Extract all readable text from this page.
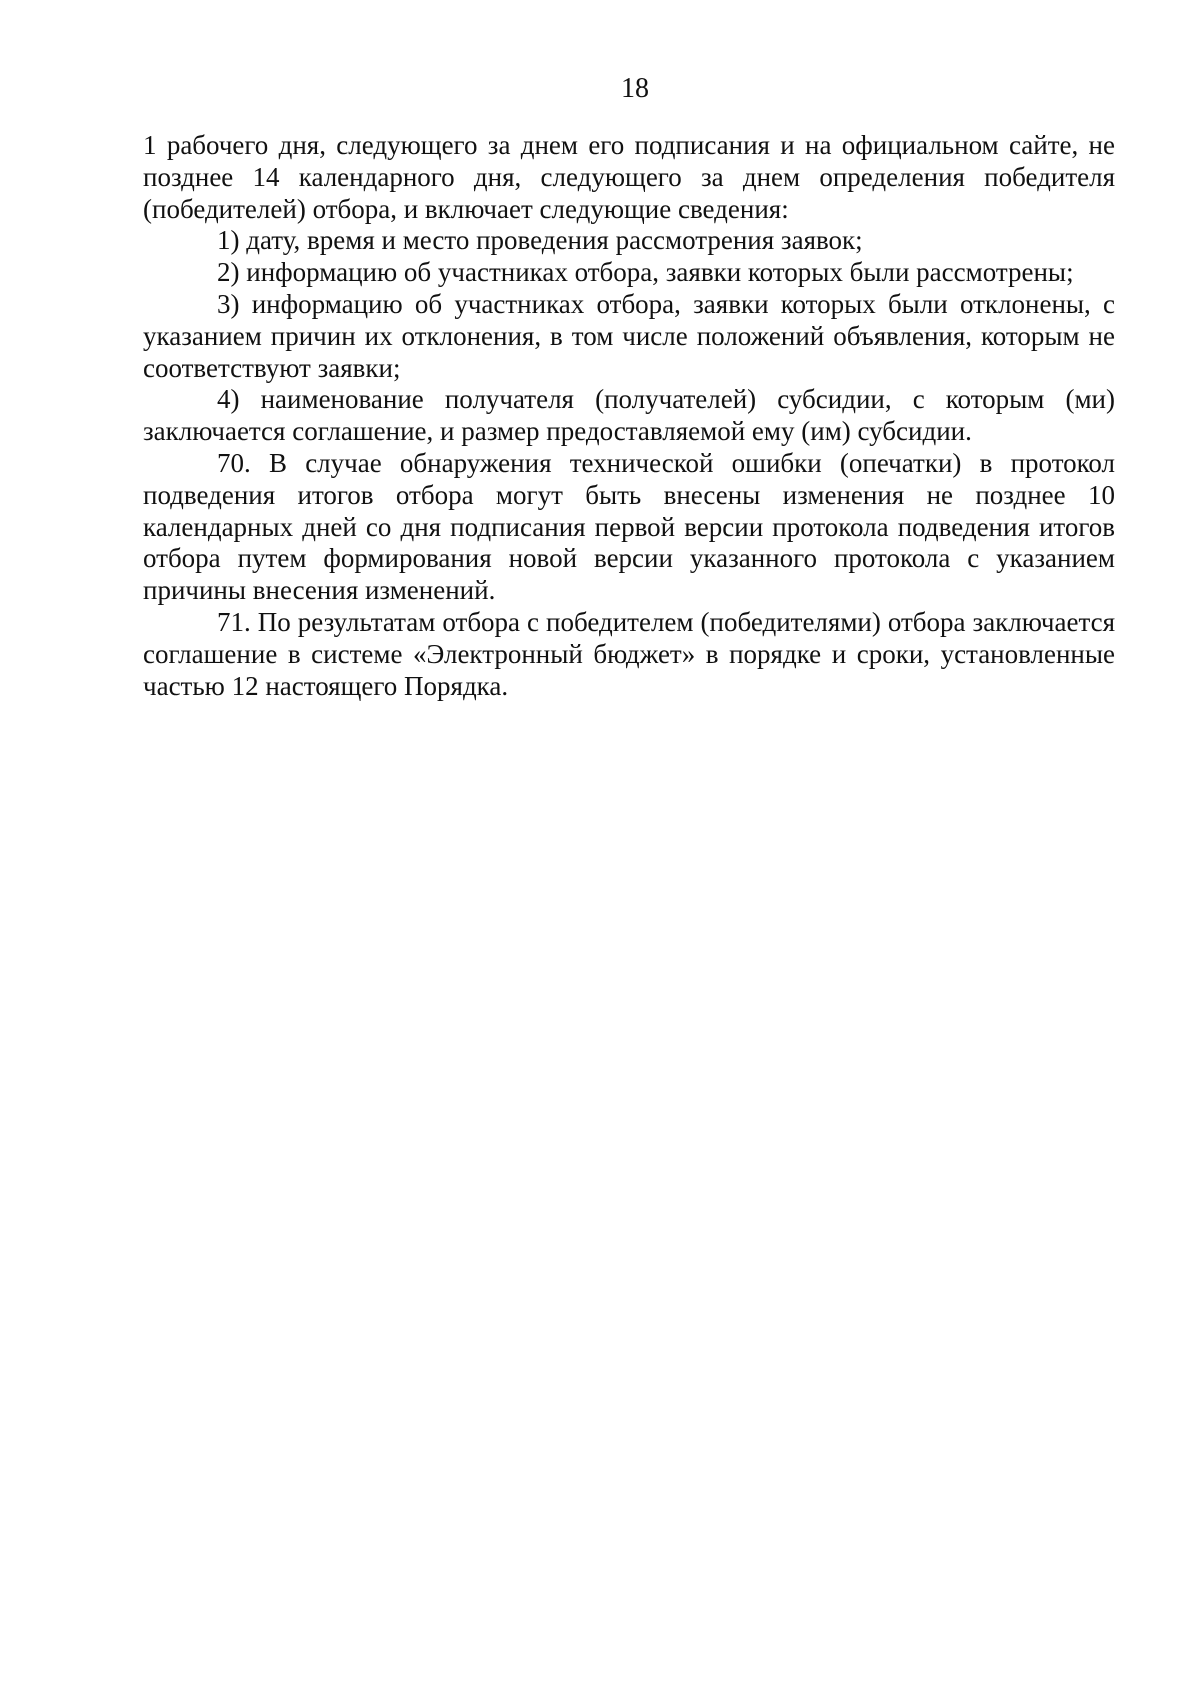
18

1 рабочего дня, следующего за днем его подписания и на официальном сайте, не позднее 14 календарного дня, следующего за днем определения победителя (победителей) отбора, и включает следующие сведения:

1) дату, время и место проведения рассмотрения заявок;

2) информацию об участниках отбора, заявки которых были рассмотрены;

3) информацию об участниках отбора, заявки которых были отклонены, с указанием причин их отклонения, в том числе положений объявления, которым не соответствуют заявки;

4) наименование получателя (получателей) субсидии, с которым (ми) заключается соглашение, и размер предоставляемой ему (им) субсидии.

70. В случае обнаружения технической ошибки (опечатки) в протокол подведения итогов отбора могут быть внесены изменения не позднее 10 календарных дней со дня подписания первой версии протокола подведения итогов отбора путем формирования новой версии указанного протокола с указанием причины внесения изменений.

71. По результатам отбора с победителем (победителями) отбора заключается соглашение в системе «Электронный бюджет» в порядке и сроки, установленные частью 12 настоящего Порядка.
